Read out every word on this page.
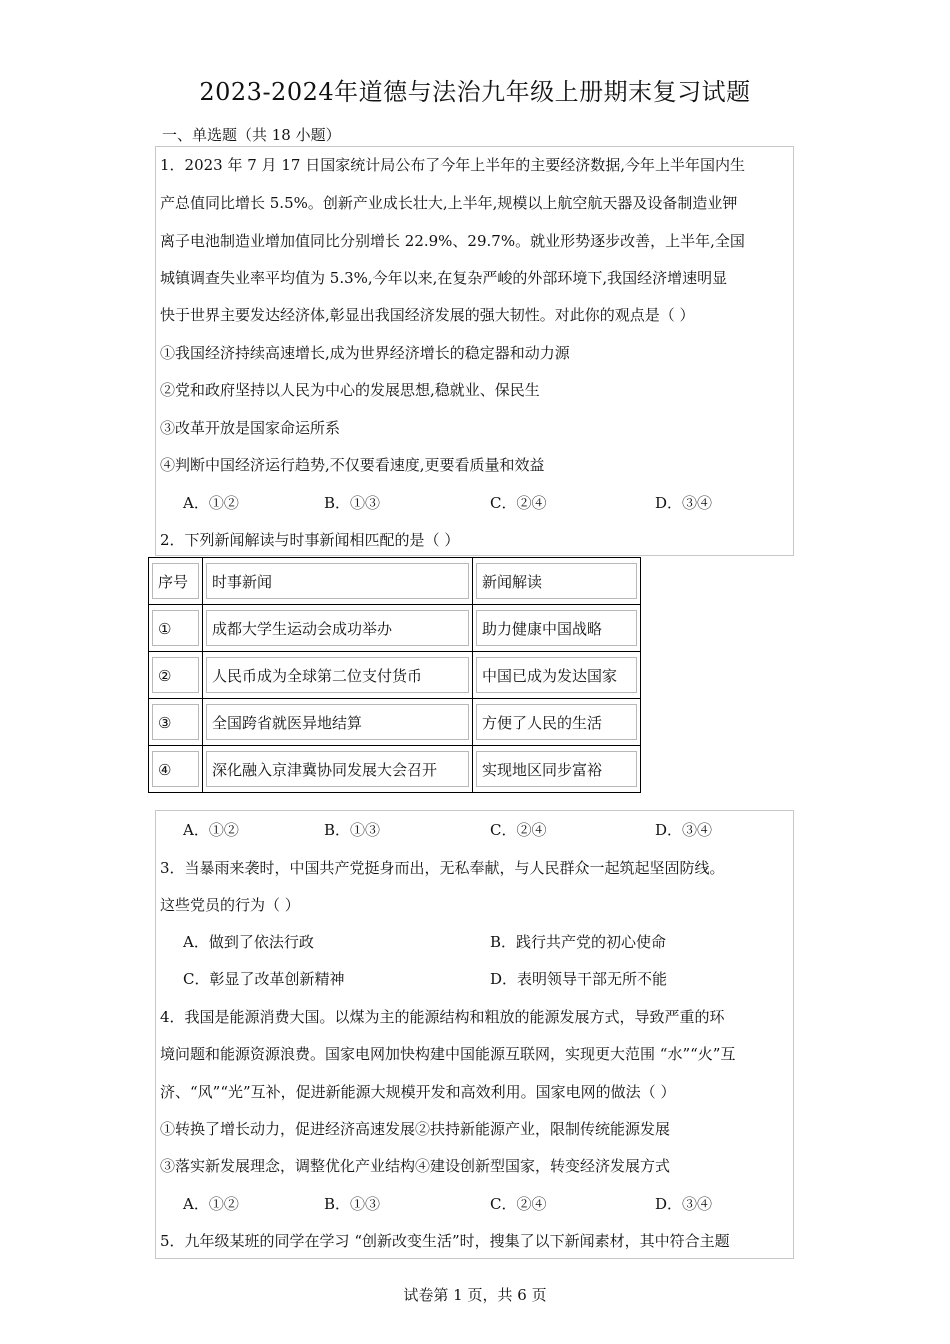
2023-2024年道德与法治九年级上册期末复习试题
一、单选题（共 18 小题）
1．2023 年 7 月 17 日国家统计局公布了今年上半年的主要经济数据,今年上半年国内生
产总值同比增长 5.5%。创新产业成长壮大,上半年,规模以上航空航天器及设备制造业钾
离子电池制造业增加值同比分别增长 22.9%、29.7%。就业形势逐步改善，上半年,全国
城镇调查失业率平均值为 5.3%,今年以来,在复杂严峻的外部环境下,我国经济增速明显
快于世界主要发达经济体,彰显出我国经济发展的强大韧性。对此你的观点是（ ）
①我国经济持续高速增长,成为世界经济增长的稳定器和动力源
②党和政府坚持以人民为中心的发展思想,稳就业、保民生
③改革开放是国家命运所系
④判断中国经济运行趋势,不仅要看速度,更要看质量和效益
A．①②	B．①③	C．②④	D．③④
2．下列新闻解读与时事新闻相匹配的是（ ）
序号	时事新闻	新闻解读

①	成都大学生运动会成功举办	助力健康中国战略

②	人民币成为全球第二位支付货币	中国已成为发达国家

③	全国跨省就医异地结算	方便了人民的生活

④	深化融入京津冀协同发展大会召开	实现地区同步富裕
A．①②	B．①③	C．②④	D．③④
3．当暴雨来袭时，中国共产党挺身而出，无私奉献，与人民群众一起筑起坚固防线。
这些党员的行为（ ）
A．做到了依法行政	B．践行共产党的初心使命
C．彰显了改革创新精神	D．表明领导干部无所不能
4．我国是能源消费大国。以煤为主的能源结构和粗放的能源发展方式，导致严重的环
境问题和能源资源浪费。国家电网加快构建中国能源互联网，实现更大范围 “水”“火”互
济、“风”“光”互补，促进新能源大规模开发和高效利用。国家电网的做法（ ）
①转换了增长动力，促进经济高速发展②扶持新能源产业，限制传统能源发展
③落实新发展理念，调整优化产业结构④建设创新型国家，转变经济发展方式
A．①②	B．①③	C．②④	D．③④
5．九年级某班的同学在学习 “创新改变生活”时，搜集了以下新闻素材，其中符合主题
试卷第 1 页，共 6 页
